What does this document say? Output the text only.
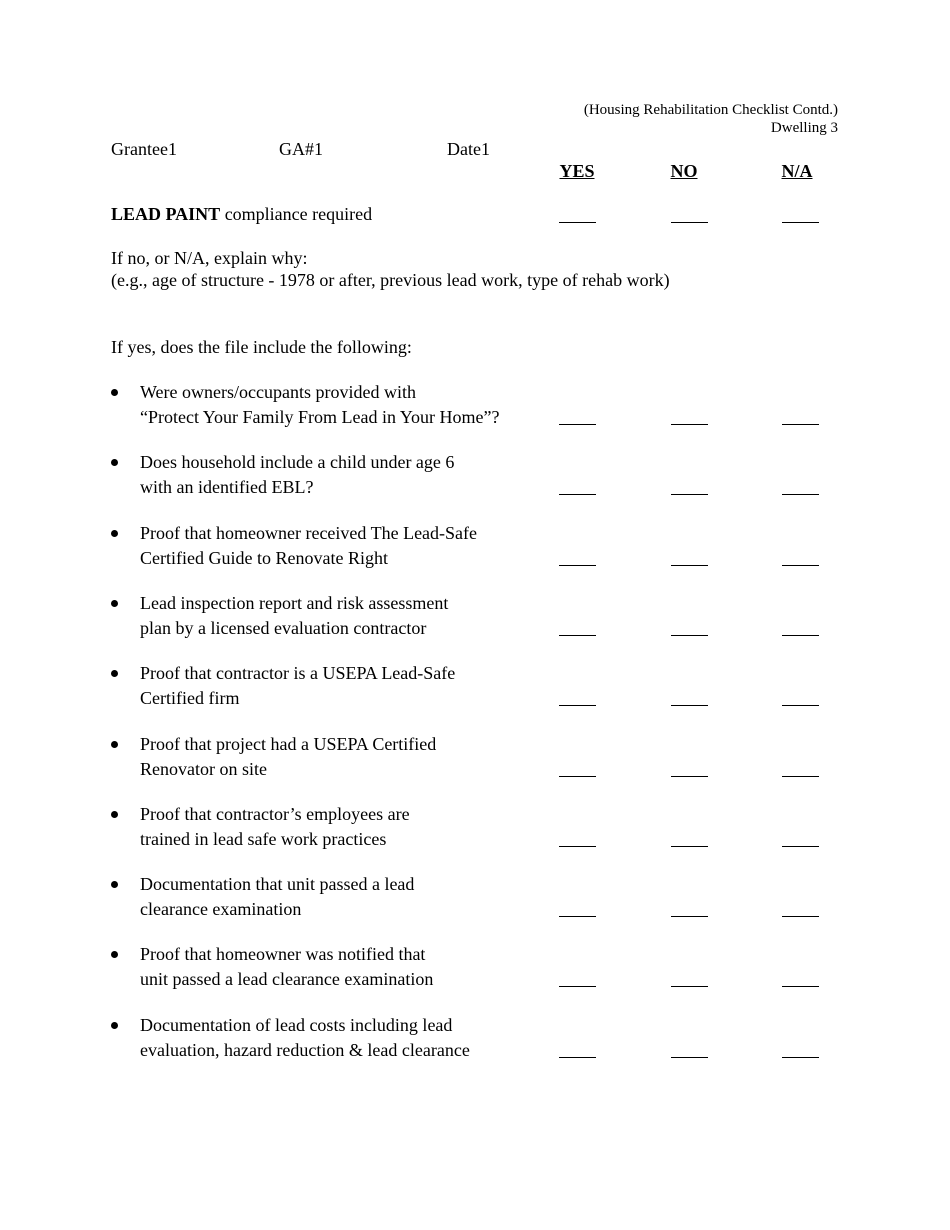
(Housing Rehabilitation Checklist Contd.)
Dwelling 3
Grantee1	GA#1	Date1
YES	NO	N/A
LEAD PAINT compliance required
If no, or N/A, explain why:
(e.g., age of structure - 1978 or after, previous lead work, type of rehab work)
If yes, does the file include the following:
Were owners/occupants provided with
“Protect Your Family From Lead in Your Home”?
Does household include a child under age 6
with an identified EBL?
Proof that homeowner received The Lead-Safe
Certified Guide to Renovate Right
Lead inspection report and risk assessment
plan by a licensed evaluation contractor
Proof that contractor is a USEPA Lead-Safe
Certified firm
Proof that project had a USEPA Certified
Renovator on site
Proof that contractor’s employees are
trained in lead safe work practices
Documentation that unit passed a lead
clearance examination
Proof that homeowner was notified that
unit passed a lead clearance examination
Documentation of lead costs including lead
evaluation, hazard reduction & lead clearance
